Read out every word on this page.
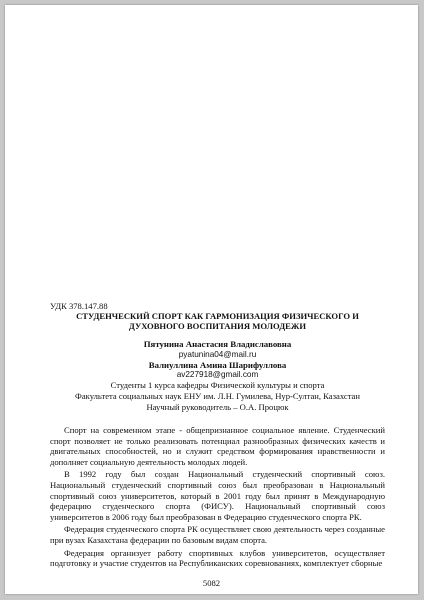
УДК 378.147.88

СТУДЕНЧЕСКИЙ СПОРТ КАК ГАРМОНИЗАЦИЯ ФИЗИЧЕСКОГО И ДУХОВНОГО ВОСПИТАНИЯ МОЛОДЕЖИ

Пятунина Анастасия Владиславовна

pyatunina04@mail.ru

Валиуллина Амина Шарифуллова

av227918@gmail.com

Студенты 1 курса кафедры Физической культуры и спорта

Факультета социальных наук ЕНУ им. Л.Н. Гумилева, Нур-Султан, Казахстан

Научный руководитель – О.А. Процюк

Спорт на современном этапе - общепризнанное социальное явление. Студенческий спорт позволяет не только реализовать потенциал разнообразных физических качеств и двигательных способностей, но и служит средством формирования нравственности и дополняет социальную деятельность молодых людей.

В 1992 году был создан Национальный студенческий спортивный союз. Национальный студенческий спортивный союз был преобразован в Национальный спортивный союз университетов, который в 2001 году был принят в Международную федерацию студенческого спорта (ФИСУ). Национальный спортивный союз университетов в 2006 году был преобразован в Федерацию студенческого спорта РК.

Федерация студенческого спорта РК осуществляет свою деятельность через созданные при вузах Казахстана федерации по базовым видам спорта.

Федерация организует работу спортивных клубов университетов, осуществляет подготовку и участие студентов на Республиканских соревнованиях, комплектует сборные

5082
